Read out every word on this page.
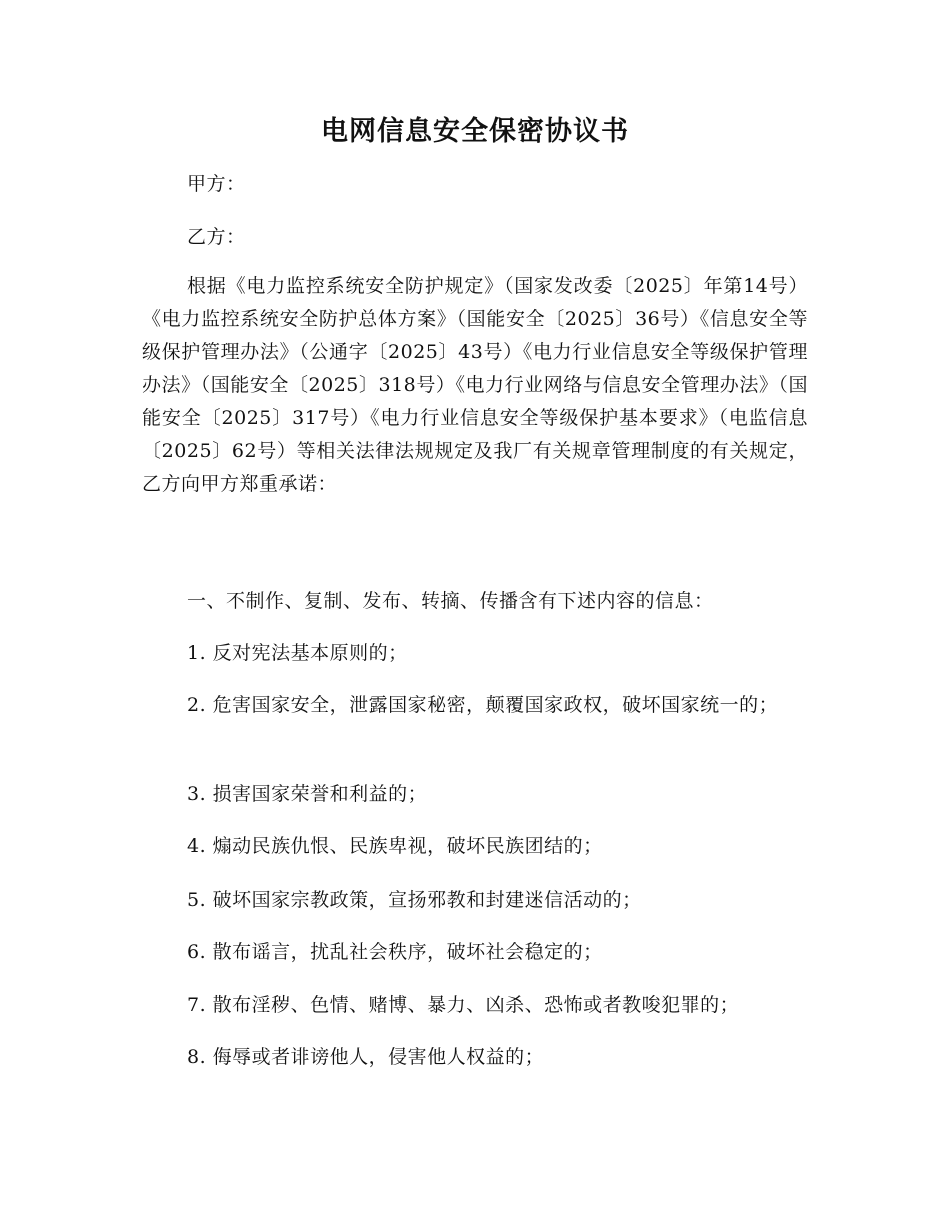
电网信息安全保密协议书

甲方：

乙方：

根据《电力监控系统安全防护规定》（国家发改委〔2025〕年第14号）《电力监控系统安全防护总体方案》（国能安全〔2025〕36号）《信息安全等级保护管理办法》（公通字〔2025〕43号）《电力行业信息安全等级保护管理办法》（国能安全〔2025〕318号）《电力行业网络与信息安全管理办法》（国能安全〔2025〕317号）《电力行业信息安全等级保护基本要求》（电监信息〔2025〕62号）等相关法律法规规定及我厂有关规章管理制度的有关规定，乙方向甲方郑重承诺：

一、不制作、复制、发布、转摘、传播含有下述内容的信息：

1. 反对宪法基本原则的；

2. 危害国家安全，泄露国家秘密，颠覆国家政权，破坏国家统一的；

3. 损害国家荣誉和利益的；

4. 煽动民族仇恨、民族卑视，破坏民族团结的；

5. 破坏国家宗教政策，宣扬邪教和封建迷信活动的；

6. 散布谣言，扰乱社会秩序，破坏社会稳定的；

7. 散布淫秽、色情、赌博、暴力、凶杀、恐怖或者教唆犯罪的；

8. 侮辱或者诽谤他人，侵害他人权益的；
